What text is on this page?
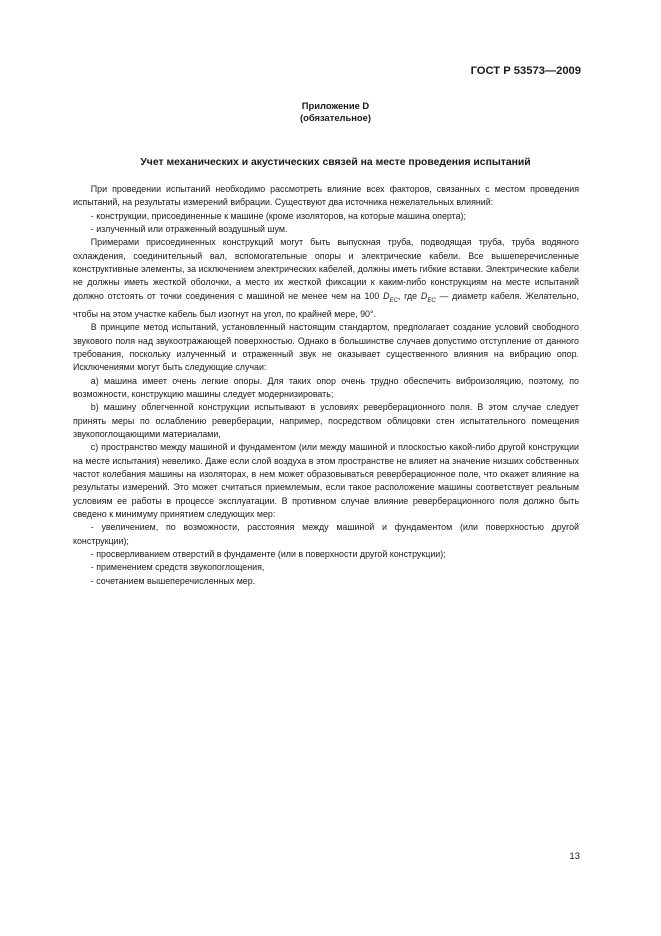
ГОСТ Р 53573—2009
Приложение D
(обязательное)
Учет механических и акустических связей на месте проведения испытаний

При проведении испытаний необходимо рассмотреть влияние всех факторов, связанных с местом проведения испытаний, на результаты измерений вибрации. Существуют два источника нежелательных влияний:

- конструкции, присоединенные к машине (кроме изоляторов, на которые машина оперта);

- излученный или отраженный воздушный шум.

Примерами присоединенных конструкций могут быть выпускная труба, подводящая труба, труба водяного охлаждения, соединительный вал, вспомогательные опоры и электрические кабели. Все вышеперечисленные конструктивные элементы, за исключением электрических кабелей, должны иметь гибкие вставки. Электрические кабели не должны иметь жесткой оболочки, а место их жесткой фиксации к каким-либо конструкциям на месте испытаний должно отстоять от точки соединения с машиной не менее чем на 100 $D_{EC}$, где $D_{EC}$ — диаметр кабеля. Желательно, чтобы на этом участке кабель был изогнут на угол, по крайней мере, 90°.

В принципе метод испытаний, установленный настоящим стандартом, предполагает создание условий свободного звукового поля над звукоотражающей поверхностью. Однако в большинстве случаев допустимо отступление от данного требования, поскольку излученный и отраженный звук не оказывает существенного влияния на вибрацию опор. Исключениями могут быть следующие случаи:

а) машина имеет очень легкие опоры. Для таких опор очень трудно обеспечить виброизоляцию, поэтому, по возможности, конструкцию машины следует модернизировать;

b) машину облегченной конструкции испытывают в условиях реверберационного поля. В этом случае следует принять меры по ослаблению реверберации, например, посредством облицовки стен испытательного помещения звукопоглощающими материалами,

с) пространство между машиной и фундаментом (или между машиной и плоскостью какой-либо другой конструкции на месте испытания) невелико. Даже если слой воздуха в этом пространстве не влияет на значение низших собственных частот колебания машины на изоляторах, в нем может образовываться реверберационное поле, что окажет влияние на результаты измерений. Это может считаться приемлемым, если такое расположение машины соответствует реальным условиям ее работы в процессе эксплуатации. В противном случае влияние реверберационного поля должно быть сведено к минимуму принятием следующих мер:

- увеличением, по возможности, расстояния между машиной и фундаментом (или поверхностью другой конструкции);

- просверливанием отверстий в фундаменте (или в поверхности другой конструкции);

- применением средств звукопоглощения,

- сочетанием вышеперечисленных мер.

13
